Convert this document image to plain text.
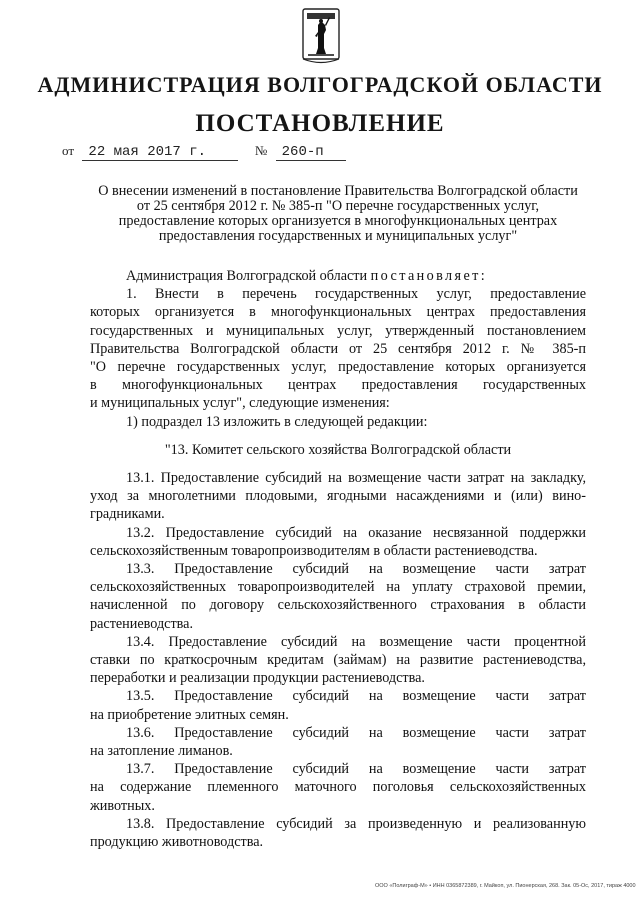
АДМИНИСТРАЦИЯ ВОЛГОГРАДСКОЙ ОБЛАСТИ
ПОСТАНОВЛЕНИЕ
от 22 мая 2017 г.	№ 260-п
О внесении изменений в постановление Правительства Волгоградской области
от 25 сентября 2012 г. № 385-п "О перечне государственных услуг,
предоставление которых организуется в многофункциональных центрах
предоставления государственных и муниципальных услуг"
Администрация Волгоградской области постановляет:
1. Внести в перечень государственных услуг, предоставление
которых организуется в многофункциональных центрах предоставления
государственных и муниципальных услуг, утвержденный постановлением
Правительства Волгоградской области от 25 сентября 2012 г. № 385-п
"О перечне государственных услуг, предоставление которых организуется
в многофункциональных центрах предоставления государственных
и муниципальных услуг", следующие изменения:
1) подраздел 13 изложить в следующей редакции:
"13. Комитет сельского хозяйства Волгоградской области
13.1. Предоставление субсидий на возмещение части затрат на закладку,
уход за многолетними плодовыми, ягодными насаждениями и (или) вино-
градниками.
13.2. Предоставление субсидий на оказание несвязанной поддержки
сельскохозяйственным товаропроизводителям в области растениеводства.
13.3. Предоставление субсидий на возмещение части затрат
сельскохозяйственных товаропроизводителей на уплату страховой премии,
начисленной по договору сельскохозяйственного страхования в области
растениеводства.
13.4. Предоставление субсидий на возмещение части процентной
ставки по краткосрочным кредитам (займам) на развитие растениеводства,
переработки и реализации продукции растениеводства.
13.5. Предоставление субсидий на возмещение части затрат
на приобретение элитных семян.
13.6. Предоставление субсидий на возмещение части затрат
на затопление лиманов.
13.7. Предоставление субсидий на возмещение части затрат
на содержание племенного маточного поголовья сельскохозяйственных
животных.
13.8. Предоставление субсидий за произведенную и реализованную
продукцию животноводства.
ООО «Полиграф-М» • ИНН 0365872389, г. Майкоп, ул. Пионерская, 268. Зак. 05-Ос, 2017, тираж 4000
